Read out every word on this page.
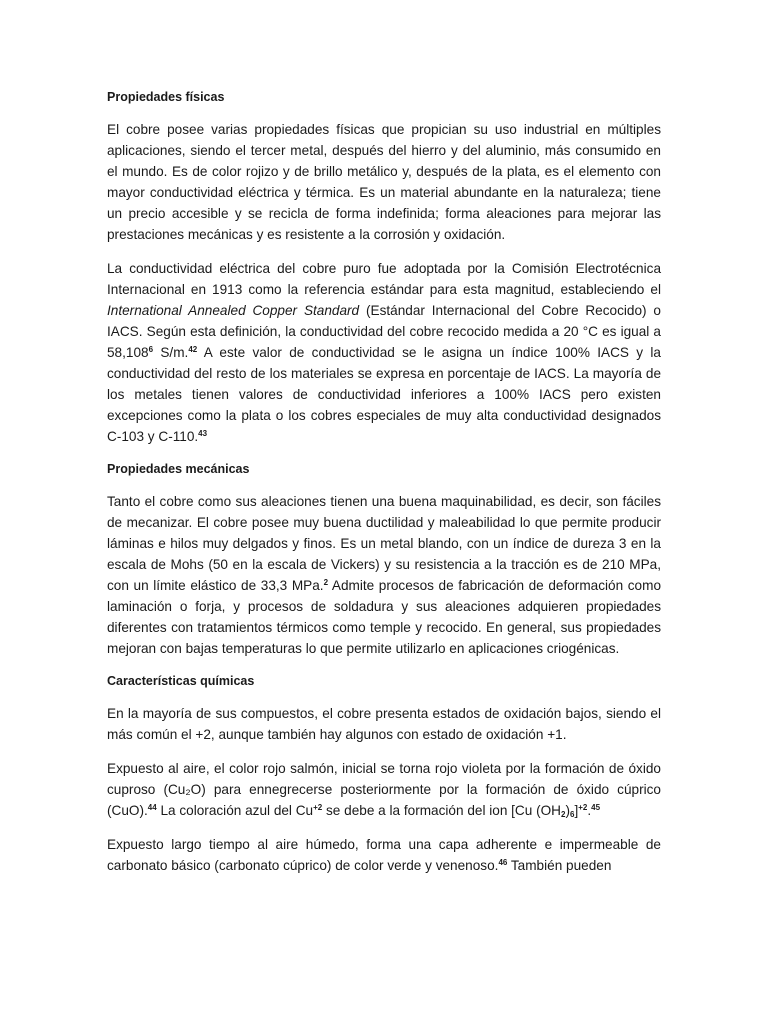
Propiedades físicas

El cobre posee varias propiedades físicas que propician su uso industrial en múltiples aplicaciones, siendo el tercer metal, después del hierro y del aluminio, más consumido en el mundo. Es de color rojizo y de brillo metálico y, después de la plata, es el elemento con mayor conductividad eléctrica y térmica. Es un material abundante en la naturaleza; tiene un precio accesible y se recicla de forma indefinida; forma aleaciones para mejorar las prestaciones mecánicas y es resistente a la corrosión y oxidación.

La conductividad eléctrica del cobre puro fue adoptada por la Comisión Electrotécnica Internacional en 1913 como la referencia estándar para esta magnitud, estableciendo el International Annealed Copper Standard (Estándar Internacional del Cobre Recocido) o IACS. Según esta definición, la conductividad del cobre recocido medida a 20 °C es igual a 58,108$^6$ S/m.$^{42}$ A este valor de conductividad se le asigna un índice 100% IACS y la conductividad del resto de los materiales se expresa en porcentaje de IACS. La mayoría de los metales tienen valores de conductividad inferiores a 100% IACS pero existen excepciones como la plata o los cobres especiales de muy alta conductividad designados C-103 y C-110.43

Propiedades mecánicas

Tanto el cobre como sus aleaciones tienen una buena maquinabilidad, es decir, son fáciles de mecanizar. El cobre posee muy buena ductilidad y maleabilidad lo que permite producir láminas e hilos muy delgados y finos. Es un metal blando, con un índice de dureza 3 en la escala de Mohs (50 en la escala de Vickers) y su resistencia a la tracción es de 210 MPa, con un límite elástico de 33,3 MPa.$^2$ Admite procesos de fabricación de deformación como laminación o forja, y procesos de soldadura y sus aleaciones adquieren propiedades diferentes con tratamientos térmicos como temple y recocido. En general, sus propiedades mejoran con bajas temperaturas lo que permite utilizarlo en aplicaciones criogénicas.

Características químicas

En la mayoría de sus compuestos, el cobre presenta estados de oxidación bajos, siendo el más común el +2, aunque también hay algunos con estado de oxidación +1.

Expuesto al aire, el color rojo salmón, inicial se torna rojo violeta por la formación de óxido cuproso (Cu₂O) para ennegrecerse posteriormente por la formación de óxido cúprico (CuO).$^{44}$ La coloración azul del $Cu^{+2}$ se debe a la formación del ion [Cu $(OH_2)_6]^{+2}.^{45}$

Expuesto largo tiempo al aire húmedo, forma una capa adherente e impermeable de carbonato básico (carbonato cúprico) de color verde y venenoso.$^{46}$ También pueden
